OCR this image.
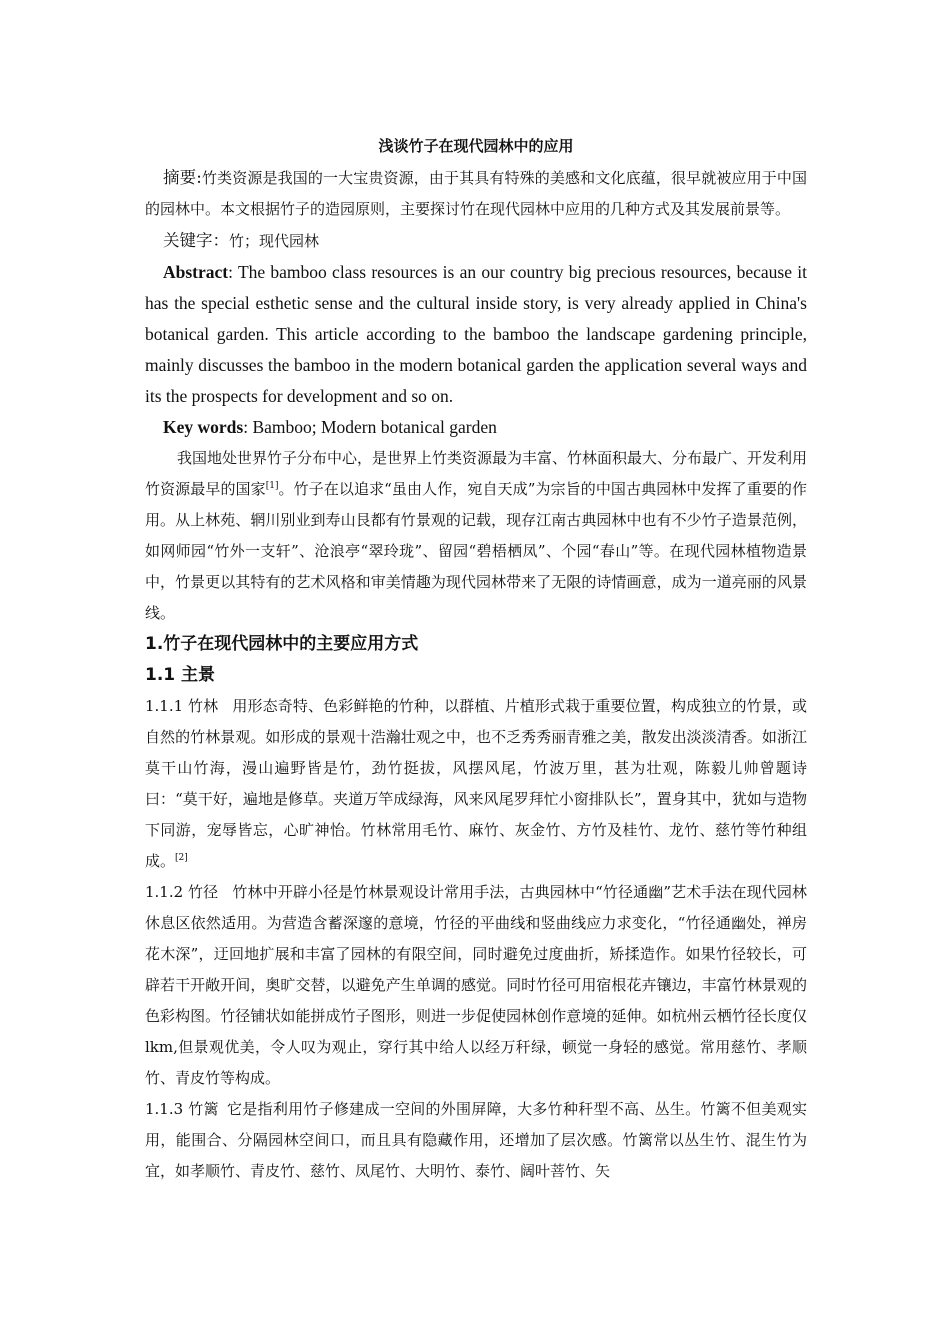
浅谈竹子在现代园林中的应用

摘要:竹类资源是我国的一大宝贵资源，由于其具有特殊的美感和文化底蕴，很早就被应用于中国的园林中。本文根据竹子的造园原则，主要探讨竹在现代园林中应用的几种方式及其发展前景等。

关键字：竹；现代园林

Abstract: The bamboo class resources is an our country big precious resources, because it has the special esthetic sense and the cultural inside story, is very already applied in China's botanical garden. This article according to the bamboo the landscape gardening principle, mainly discusses the bamboo in the modern botanical garden the application several ways and its the prospects for development and so on.

Key words: Bamboo; Modern botanical garden

我国地处世界竹子分布中心，是世界上竹类资源最为丰富、竹林面积最大、分布最广、开发利用竹资源最早的国家[1]。竹子在以追求“虽由人作，宛自天成”为宗旨的中国古典园林中发挥了重要的作用。从上林苑、辋川别业到寿山艮都有竹景观的记载，现存江南古典园林中也有不少竹子造景范例，如网师园“竹外一支轩”、沧浪亭“翠玲珑”、留园“碧梧栖凤”、个园“春山”等。在现代园林植物造景中，竹景更以其特有的艺术风格和审美情趣为现代园林带来了无限的诗情画意，成为一道亮丽的风景线。

1.竹子在现代园林中的主要应用方式
1.1 主景

1.1.1 竹林 用形态奇特、色彩鲜艳的竹种，以群植、片植形式栽于重要位置，构成独立的竹景，或自然的竹林景观。如形成的景观十浩瀚壮观之中，也不乏秀秀丽青雅之美，散发出淡淡清香。如浙江莫干山竹海，漫山遍野皆是竹，劲竹挺拔，风摆风尾，竹波万里，甚为壮观，陈毅儿帅曾题诗曰：“莫干好，遍地是修草。夹道万竿成绿海，风来风尾罗拜忙小窗排队长”，置身其中，犹如与造物下同游，宠辱皆忘，心旷神怡。竹林常用毛竹、麻竹、灰金竹、方竹及桂竹、龙竹、慈竹等竹种组成。[2]

1.1.2 竹径 竹林中开辟小径是竹林景观设计常用手法，古典园林中“竹径通幽”艺术手法在现代园林休息区依然适用。为营造含蓄深邃的意境，竹径的平曲线和竖曲线应力求变化，“竹径通幽处，禅房花木深”，迂回地扩展和丰富了园林的有限空间，同时避免过度曲折，矫揉造作。如果竹径较长，可辟若干开敞开间，奥旷交替，以避免产生单调的感觉。同时竹径可用宿根花卉镶边，丰富竹林景观的色彩构图。竹径铺状如能拼成竹子图形，则进一步促使园林创作意境的延伸。如杭州云栖竹径长度仅 lkm,但景观优美，令人叹为观止，穿行其中给人以经万秆绿，顿觉一身轻的感觉。常用慈竹、孝顺竹、青皮竹等构成。

1.1.3 竹篱 它是指利用竹子修建成一空间的外围屏障，大多竹种秆型不高、丛生。竹篱不但美观实用，能围合、分隔园林空间口，而且具有隐藏作用，还增加了层次感。竹篱常以丛生竹、混生竹为宜，如孝顺竹、青皮竹、慈竹、凤尾竹、大明竹、泰竹、阔叶菩竹、矢
